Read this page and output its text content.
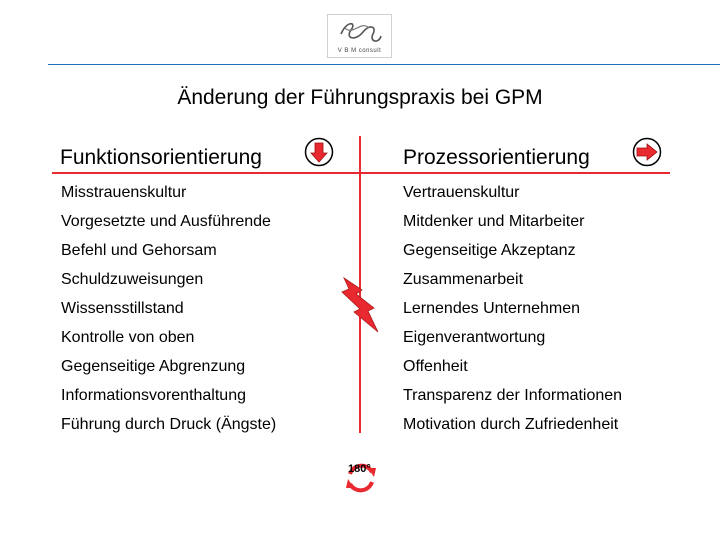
V B M consult
Änderung der Führungspraxis bei GPM
Funktionsorientierung	Prozessorientierung
Misstrauenskultur
Vorgesetzte und Ausführende
Befehl und Gehorsam
Schuldzuweisungen
Wissensstillstand
Kontrolle von oben
Gegenseitige Abgrenzung
Informationsvorenthaltung
Führung durch Druck (Ängste)
Vertrauenskultur
Mitdenker und Mitarbeiter
Gegenseitige Akzeptanz
Zusammenarbeit
Lernendes Unternehmen
Eigenverantwortung
Offenheit
Transparenz der Informationen
Motivation durch Zufriedenheit
180°
